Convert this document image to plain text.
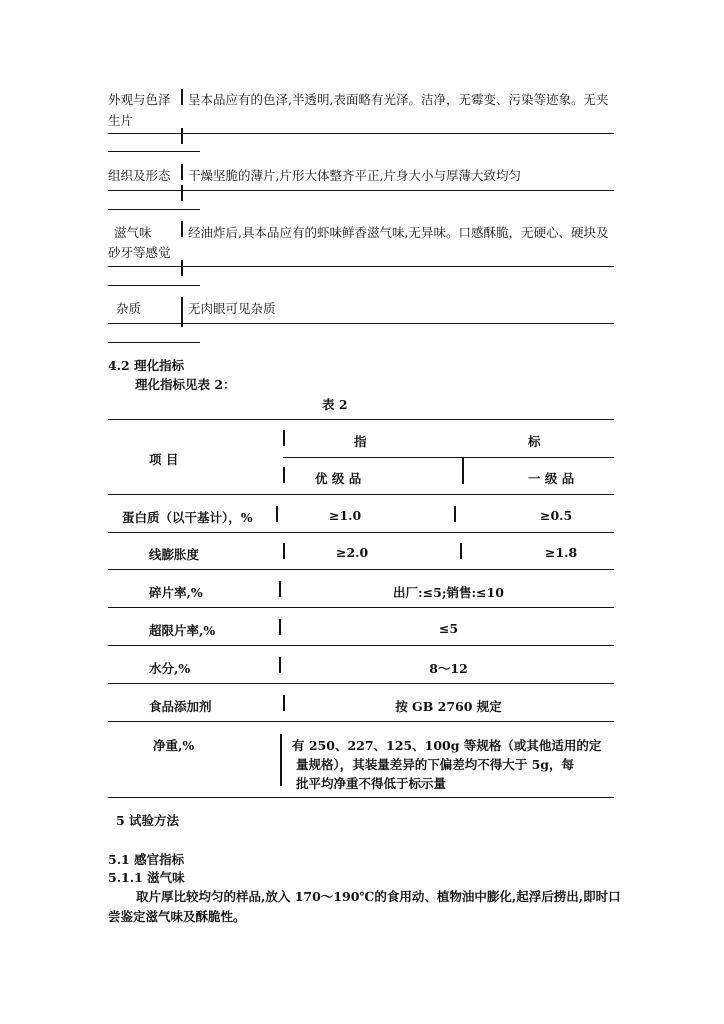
外观与色泽 呈本品应有的色泽,半透明,表面略有光泽。洁净，无霉变、污染等迹象。无夹
生片
组织及形态 干燥坚脆的薄片,片形大体整齐平正,片身大小与厚薄大致均匀
滋气味	经油炸后,具本品应有的虾味鲜香滋气味,无异味。口感酥脆，无硬心、硬块及
砂牙等感觉
杂质	无肉眼可见杂质
4.2 理化指标
理化指标见表 2：
表 2
项 目
指	标
优 级 品	一 级 品
蛋白质（以干基计），%	≥1.0	≥0.5
线膨胀度	≥2.0	≥1.8
碎片率,%	出厂:≤5;销售:≤10
超限片率,%	≤5
水分,%	8～12
食品添加剂	按 GB 2760 规定
净重,%	有 250、227、125、100g 等规格（或其他适用的定
量规格），其装量差异的下偏差均不得大于 5g，每
批平均净重不得低于标示量
5 试验方法
5.1 感官指标
5.1.1 滋气味
取片厚比较均匀的样品,放入 170～190℃的食用动、植物油中膨化,起浮后捞出,即时口
尝鉴定滋气味及酥脆性。
